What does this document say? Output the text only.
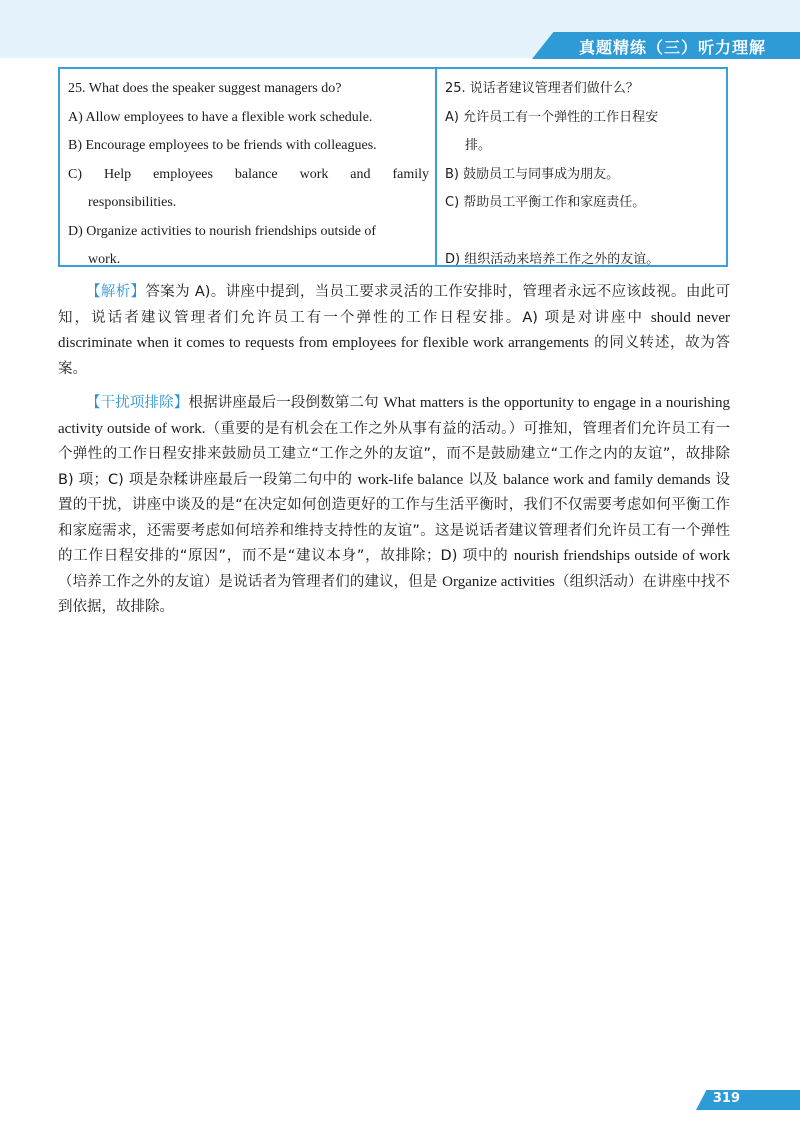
真题精练（三）听力理解
25. What does the speaker suggest managers do?
A) Allow employees to have a flexible work schedule.
B) Encourage employees to be friends with colleagues.
C) Help employees balance work and family
responsibilities.
D) Organize activities to nourish friendships outside of
work.
25. 说话者建议管理者们做什么？
A) 允许员工有一个弹性的工作日程安
排。
B) 鼓励员工与同事成为朋友。
C) 帮助员工平衡工作和家庭责任。
D) 组织活动来培养工作之外的友谊。
【解析】答案为 A)。讲座中提到，当员工要求灵活的工作安排时，管理者永远不应该歧视。由此可知，说话者建议管理者们允许员工有一个弹性的工作日程安排。A) 项是对讲座中 should never discriminate when it comes to requests from employees for flexible work arrangements 的同义转述，故为答案。
【干扰项排除】根据讲座最后一段倒数第二句 What matters is the opportunity to engage in a nourishing activity outside of work.（重要的是有机会在工作之外从事有益的活动。）可推知，管理者们允许员工有一个弹性的工作日程安排来鼓励员工建立“工作之外的友谊”，而不是鼓励建立“工作之内的友谊”，故排除 B) 项；C) 项是杂糅讲座最后一段第二句中的 work-life balance 以及 balance work and family demands 设置的干扰，讲座中谈及的是“在决定如何创造更好的工作与生活平衡时，我们不仅需要考虑如何平衡工作和家庭需求，还需要考虑如何培养和维持支持性的友谊”。这是说话者建议管理者们允许员工有一个弹性的工作日程安排的“原因”，而不是“建议本身”，故排除；D) 项中的 nourish friendships outside of work（培养工作之外的友谊）是说话者为管理者们的建议，但是 Organize activities（组织活动）在讲座中找不到依据，故排除。
319
